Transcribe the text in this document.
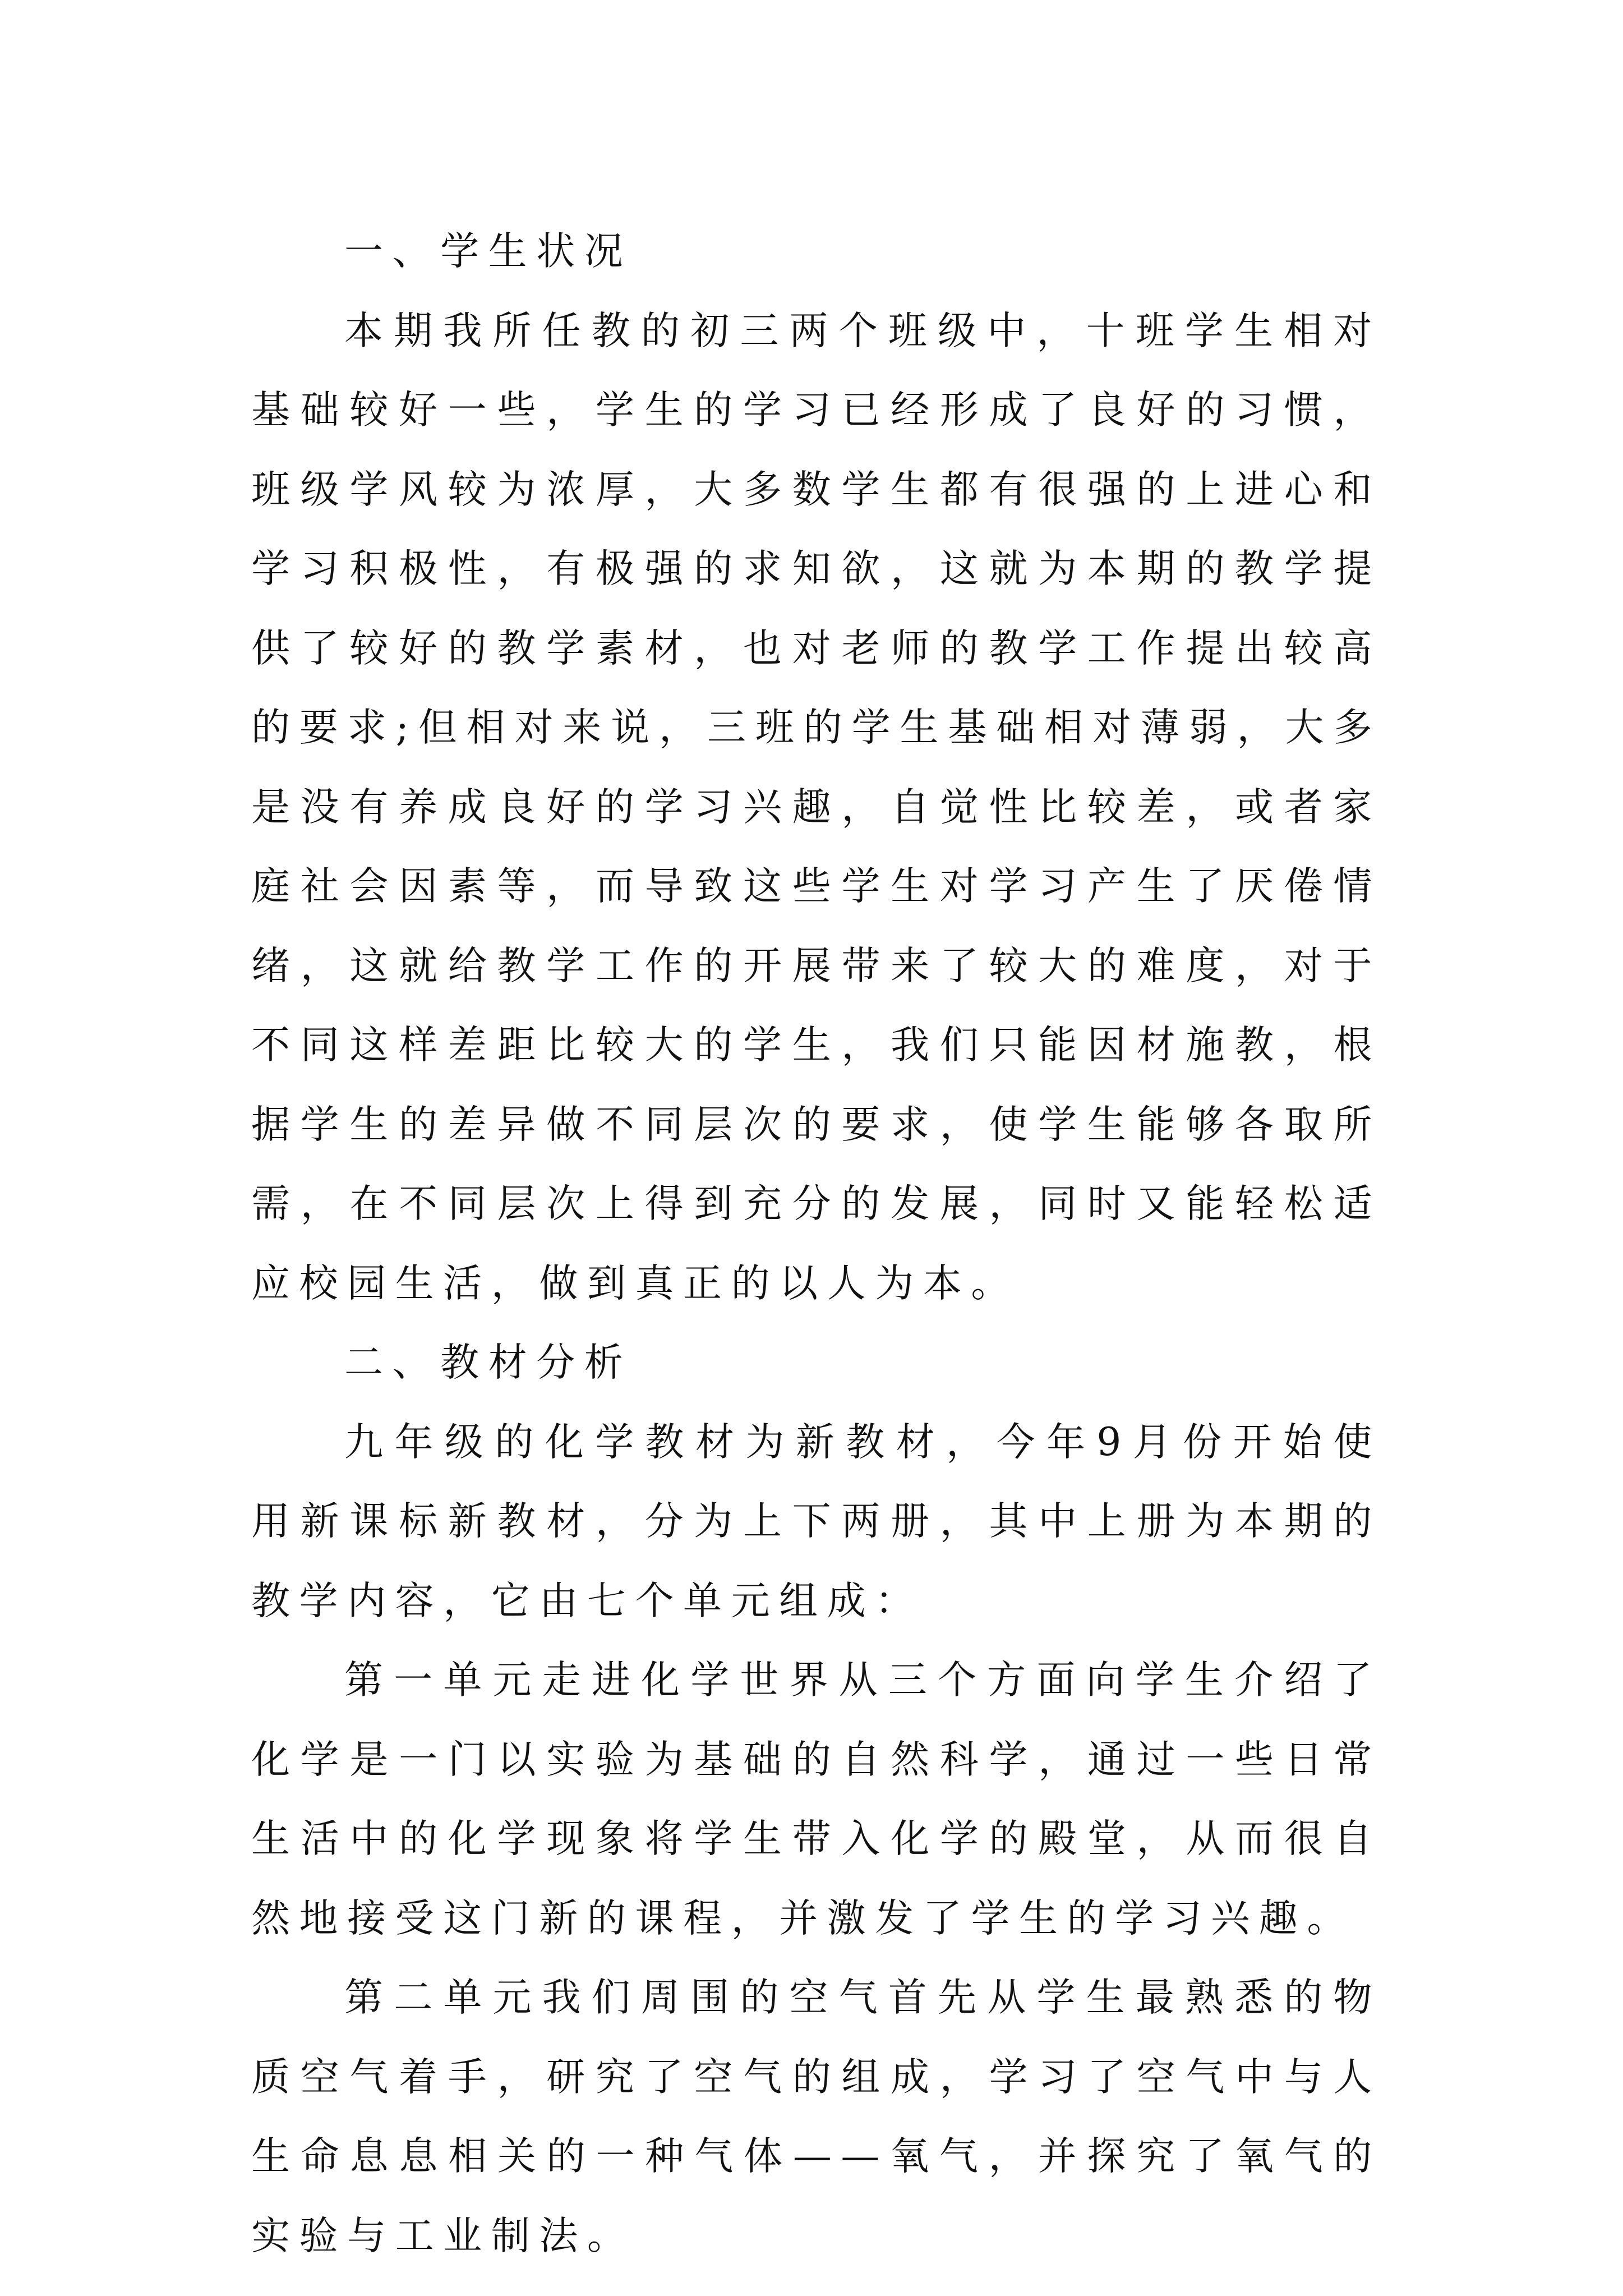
一、学生状况

本期我所任教的初三两个班级中，十班学生相对基础较好一些，学生的学习已经形成了良好的习惯，班级学风较为浓厚，大多数学生都有很强的上进心和学习积极性，有极强的求知欲，这就为本期的教学提供了较好的教学素材，也对老师的教学工作提出较高的要求;但相对来说，三班的学生基础相对薄弱，大多是没有养成良好的学习兴趣，自觉性比较差，或者家庭社会因素等，而导致这些学生对学习产生了厌倦情绪，这就给教学工作的开展带来了较大的难度，对于不同这样差距比较大的学生，我们只能因材施教，根据学生的差异做不同层次的要求，使学生能够各取所需，在不同层次上得到充分的发展，同时又能轻松适应校园生活，做到真正的以人为本。

二、教材分析

九年级的化学教材为新教材，今年9月份开始使用新课标新教材，分为上下两册，其中上册为本期的教学内容，它由七个单元组成：

第一单元走进化学世界从三个方面向学生介绍了化学是一门以实验为基础的自然科学，通过一些日常生活中的化学现象将学生带入化学的殿堂，从而很自然地接受这门新的课程，并激发了学生的学习兴趣。

第二单元我们周围的空气首先从学生最熟悉的物质空气着手，研究了空气的组成，学习了空气中与人生命息息相关的一种气体——氧气，并探究了氧气的实验与工业制法。
